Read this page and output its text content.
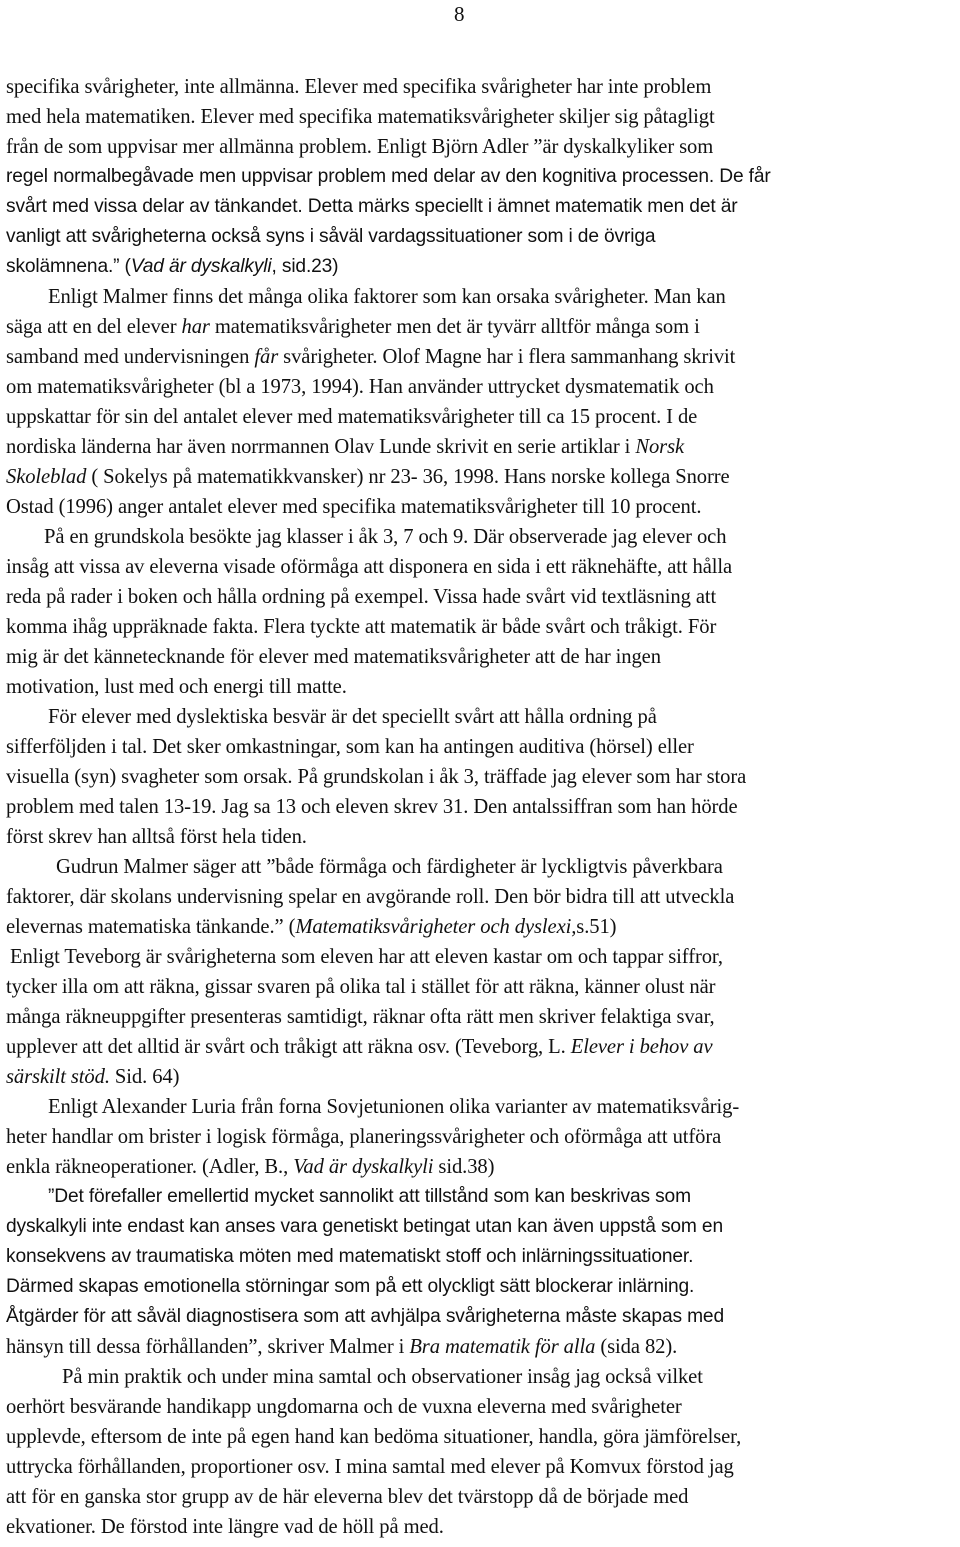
8
specifika svårigheter, inte allmänna. Elever med specifika svårigheter har inte problem
med hela matematiken. Elever med specifika matematiksvårigheter skiljer sig påtagligt
från de som uppvisar mer allmänna problem. Enligt Björn Adler ”är dyskalkyliker som
regel normalbegåvade men uppvisar problem med delar av den kognitiva processen. De får
svårt med vissa delar av tänkandet. Detta märks speciellt i ämnet matematik men det är
vanligt att svårigheterna också syns i såväl vardagssituationer som i de övriga
skolämnena.” (Vad är dyskalkyli, sid.23)
Enligt Malmer finns det många olika faktorer som kan orsaka svårigheter. Man kan
säga att en del elever har matematiksvårigheter men det är tyvärr alltför många som i
samband med undervisningen får svårigheter. Olof Magne har i flera sammanhang skrivit
om matematiksvårigheter (bl a 1973, 1994). Han använder uttrycket dysmatematik och
uppskattar för sin del antalet elever med matematiksvårigheter till ca 15 procent. I de
nordiska länderna har även norrmannen Olav Lunde skrivit en serie artiklar i Norsk
Skoleblad ( Sokelys på matematikkvansker) nr 23- 36, 1998. Hans norske kollega Snorre
Ostad (1996) anger antalet elever med specifika matematiksvårigheter till 10 procent.
På en grundskola besökte jag klasser i åk 3, 7 och 9. Där observerade jag elever och
insåg att vissa av eleverna visade oförmåga att disponera en sida i ett räknehäfte, att hålla
reda på rader i boken och hålla ordning på exempel. Vissa hade svårt vid textläsning att
komma ihåg uppräknade fakta. Flera tyckte att matematik är både svårt och tråkigt. För
mig är det kännetecknande för elever med matematiksvårigheter att de har ingen
motivation, lust med och energi till matte.
För elever med dyslektiska besvär är det speciellt svårt att hålla ordning på
sifferföljden i tal. Det sker omkastningar, som kan ha antingen auditiva (hörsel) eller
visuella (syn) svagheter som orsak. På grundskolan i åk 3, träffade jag elever som har stora
problem med talen 13-19. Jag sa 13 och eleven skrev 31. Den antalssiffran som han hörde
först skrev han alltså först hela tiden.
Gudrun Malmer säger att ”både förmåga och färdigheter är lyckligtvis påverkbara
faktorer, där skolans undervisning spelar en avgörande roll. Den bör bidra till att utveckla
elevernas matematiska tänkande.” (Matematiksvårigheter och dyslexi,s.51)
Enligt Teveborg är svårigheterna som eleven har att eleven kastar om och tappar siffror,
tycker illa om att räkna, gissar svaren på olika tal i stället för att räkna, känner olust när
många räkneuppgifter presenteras samtidigt, räknar ofta rätt men skriver felaktiga svar,
upplever att det alltid är svårt och tråkigt att räkna osv. (Teveborg, L. Elever i behov av
särskilt stöd. Sid. 64)
Enligt Alexander Luria från forna Sovjetunionen olika varianter av matematiksvårig-
heter handlar om brister i logisk förmåga, planeringssvårigheter och oförmåga att utföra
enkla räkneoperationer. (Adler, B., Vad är dyskalkyli sid.38)
”Det förefaller emellertid mycket sannolikt att tillstånd som kan beskrivas som
dyskalkyli inte endast kan anses vara genetiskt betingat utan kan även uppstå som en
konsekvens av traumatiska möten med matematiskt stoff och inlärningssituationer.
Därmed skapas emotionella störningar som på ett olyckligt sätt blockerar inlärning.
Åtgärder för att såväl diagnostisera som att avhjälpa svårigheterna måste skapas med
hänsyn till dessa förhållanden”, skriver Malmer i Bra matematik för alla (sida 82).
På min praktik och under mina samtal och observationer insåg jag också vilket
oerhört besvärande handikapp ungdomarna och de vuxna eleverna med svårigheter
upplevde, eftersom de inte på egen hand kan bedöma situationer, handla, göra jämförelser,
uttrycka förhållanden, proportioner osv. I mina samtal med elever på Komvux förstod jag
att för en ganska stor grupp av de här eleverna blev det tvärstopp då de började med
ekvationer. De förstod inte längre vad de höll på med.
